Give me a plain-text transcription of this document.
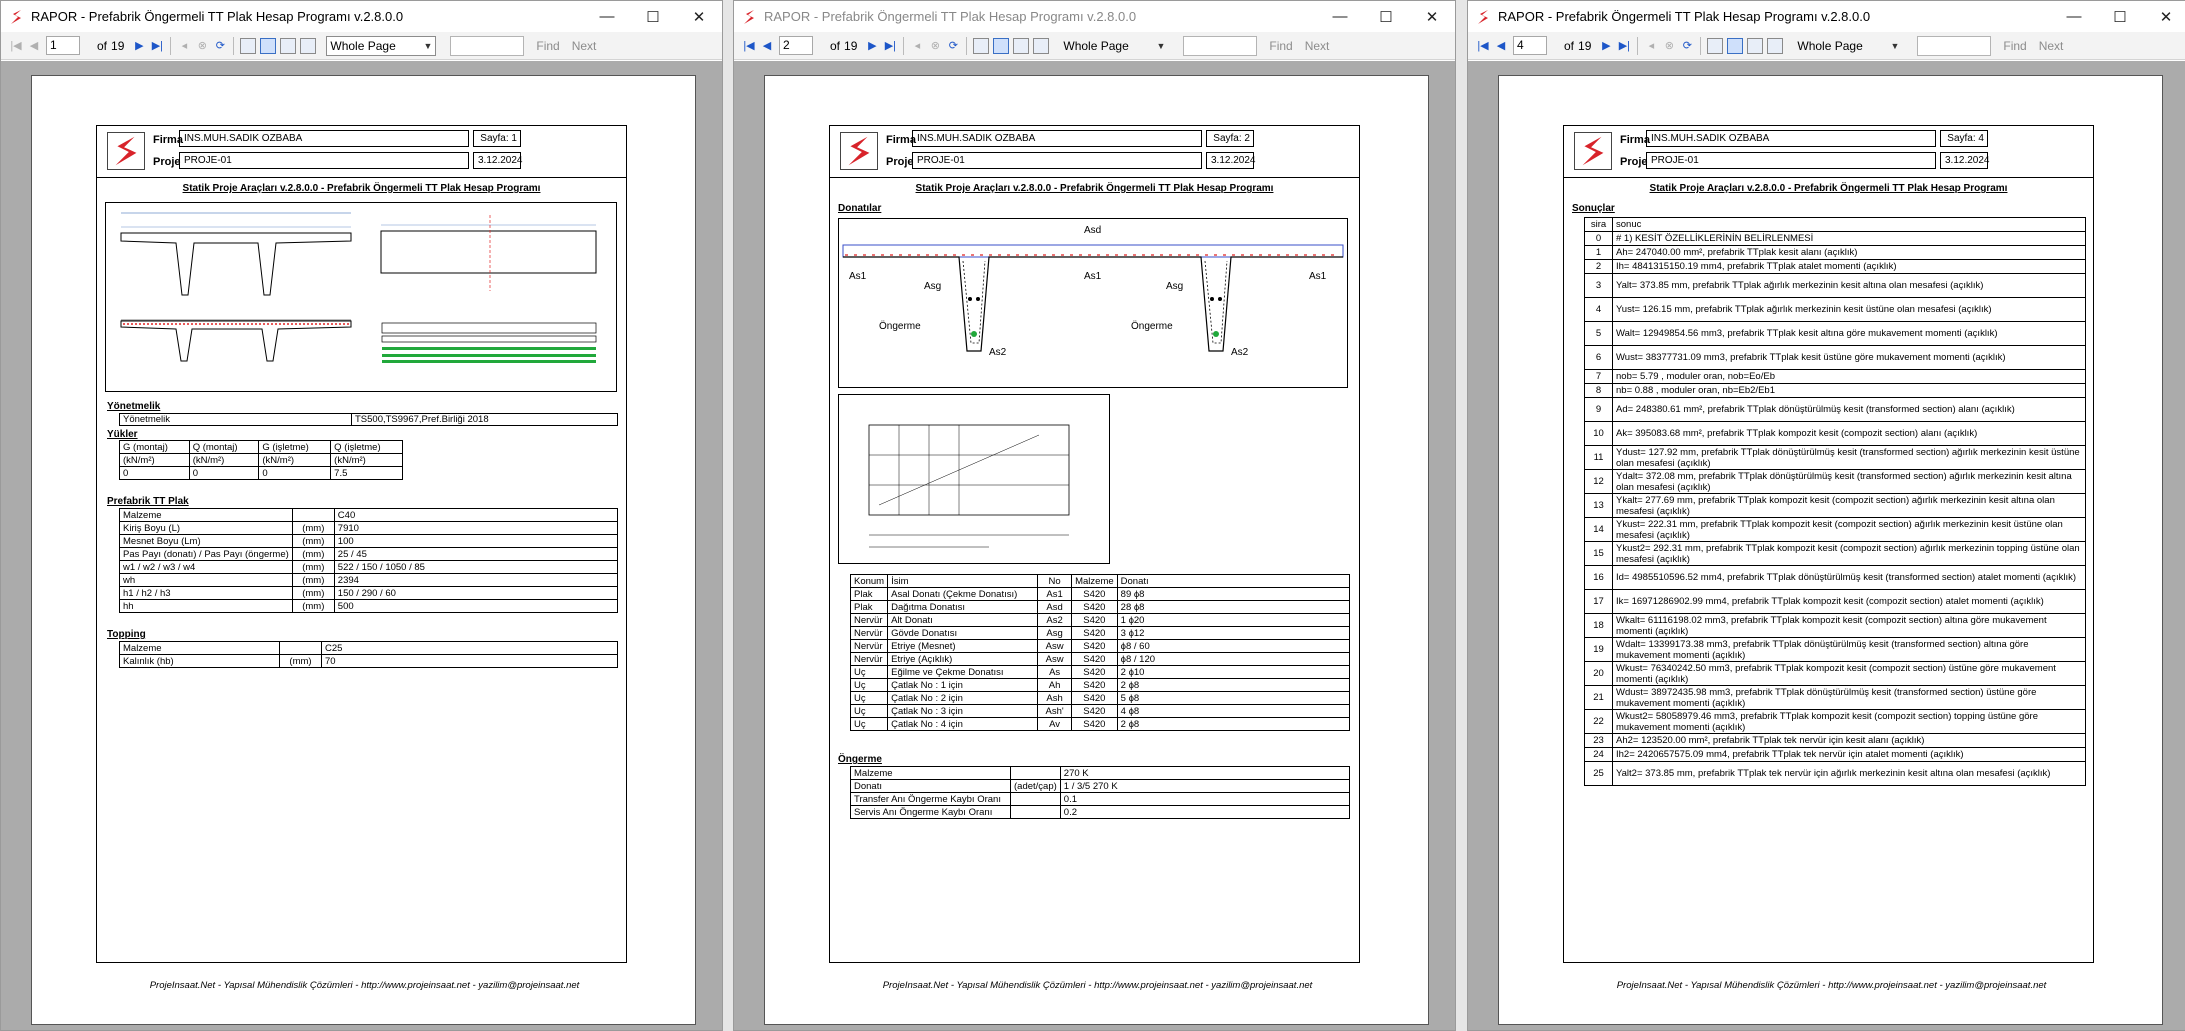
RAPOR - Prefabrik Öngermeli TT Plak Hesap Programı v.2.8.0.0	—	☐	✕
|◀ ◀ 1	of 19 ▶ ▶|	◂ ⊗ ⟳	Whole Page	▼	Find Next
Firma INS.MUH.SADIK OZBABA	Sayfa: 1
Proje PROJE-01	3.12.2024
Statik Proje Araçları v.2.8.0.0 - Prefabrik Öngermeli TT Plak Hesap Programı
Yönetmelik
Yönetmelik	TS500,TS9967,Pref.Birliği 2018
Yükler
G (montaj)	Q (montaj)	G (işletme)	Q (işletme)
(kN/m²)	(kN/m²)	(kN/m²)	(kN/m²)
0	0	0	7.5
Prefabrik TT Plak
Malzeme		C40
Kiriş Boyu (L)	(mm)	7910
Mesnet Boyu (Lm)	(mm)	100
Pas Payı (donatı) / Pas Payı (öngerme)	(mm)	25 / 45
w1 / w2 / w3 / w4	(mm)	522 / 150 / 1050 / 85
wh	(mm)	2394
h1 / h2 / h3	(mm)	150 / 290 / 60
hh	(mm)	500
Topping
Malzeme		C25
Kalınlık (hb)	(mm)	70
ProjeInsaat.Net - Yapısal Mühendislik Çözümleri - http://www.projeinsaat.net - yazilim@projeinsaat.net
RAPOR - Prefabrik Öngermeli TT Plak Hesap Programı v.2.8.0.0	—	☐	✕
|◀ ◀ 2	of 19 ▶ ▶|	◂ ⊗ ⟳	Whole Page	▼	Find Next
Firma INS.MUH.SADIK OZBABA	Sayfa: 2
Proje PROJE-01	3.12.2024
Statik Proje Araçları v.2.8.0.0 - Prefabrik Öngermeli TT Plak Hesap Programı
Donatılar
Asd
As1	As1	As1
Asg	Asg
Öngerme	Öngerme
As2	As2
Konum	İsim	No	Malzeme	Donatı
Plak	Asal Donatı (Çekme Donatısı)	As1	S420	89 ϕ8
Plak	Dağıtma Donatısı	Asd	S420	28 ϕ8
Nervür	Alt Donatı	As2	S420	1 ϕ20
Nervür	Gövde Donatısı	Asg	S420	3 ϕ12
Nervür	Etriye (Mesnet)	Asw	S420	ϕ8 / 60
Nervür	Etriye (Açıklık)	Asw	S420	ϕ8 / 120
Uç	Eğilme ve Çekme Donatısı	As	S420	2 ϕ10
Uç	Çatlak No : 1 için	Ah	S420	2 ϕ8
Uç	Çatlak No : 2 için	Ash	S420	5 ϕ8
Uç	Çatlak No : 3 için	Ash'	S420	4 ϕ8
Uç	Çatlak No : 4 için	Av	S420	2 ϕ8
Öngerme
Malzeme		270 K
Donatı	(adet/çap)	1 / 3/5 270 K
Transfer Anı Öngerme Kaybı Oranı		0.1
Servis Anı Öngerme Kaybı Oranı		0.2
ProjeInsaat.Net - Yapısal Mühendislik Çözümleri - http://www.projeinsaat.net - yazilim@projeinsaat.net
RAPOR - Prefabrik Öngermeli TT Plak Hesap Programı v.2.8.0.0	—	☐	✕
|◀ ◀ 4	of 19 ▶ ▶|	◂ ⊗ ⟳	Whole Page	▼	Find Next
Firma INS.MUH.SADIK OZBABA	Sayfa: 4
Proje PROJE-01	3.12.2024
Statik Proje Araçları v.2.8.0.0 - Prefabrik Öngermeli TT Plak Hesap Programı
Sonuçlar
sira	sonuc
0	# 1) KESİT ÖZELLİKLERİNİN BELİRLENMESİ
1	Ah= 247040.00 mm², prefabrik TTplak kesit alanı (açıklık)
2	Ih= 4841315150.19 mm4, prefabrik TTplak atalet momenti (açıklık)
3	Yalt= 373.85 mm, prefabrik TTplak ağırlık merkezinin kesit altına olan mesafesi (açıklık)
4	Yust= 126.15 mm, prefabrik TTplak ağırlık merkezinin kesit üstüne olan mesafesi (açıklık)
5	Walt= 12949854.56 mm3, prefabrik TTplak kesit altına göre mukavement momenti (açıklık)
6	Wust= 38377731.09 mm3, prefabrik TTplak kesit üstüne göre mukavement momenti (açıklık)
7	nob= 5.79 , moduler oran, nob=Eo/Eb
8	nb= 0.88 , moduler oran, nb=Eb2/Eb1
9	Ad= 248380.61 mm², prefabrik TTplak dönüştürülmüş kesit (transformed section) alanı (açıklık)
10	Ak= 395083.68 mm², prefabrik TTplak kompozit kesit (compozit section) alanı (açıklık)
11	Ydust= 127.92 mm, prefabrik TTplak dönüştürülmüş kesit (transformed section) ağırlık merkezinin kesit üstüne olan mesafesi (açıklık)
12	Ydalt= 372.08 mm, prefabrik TTplak dönüştürülmüş kesit (transformed section) ağırlık merkezinin kesit altına olan mesafesi (açıklık)
13	Ykalt= 277.69 mm, prefabrik TTplak kompozit kesit (compozit section) ağırlık merkezinin kesit altına olan mesafesi (açıklık)
14	Ykust= 222.31 mm, prefabrik TTplak kompozit kesit (compozit section) ağırlık merkezinin kesit üstüne olan mesafesi (açıklık)
15	Ykust2= 292.31 mm, prefabrik TTplak kompozit kesit (compozit section) ağırlık merkezinin topping üstüne olan mesafesi (açıklık)
16	Id= 4985510596.52 mm4, prefabrik TTplak dönüştürülmüş kesit (transformed section) atalet momenti (açıklık)
17	Ik= 16971286902.99 mm4, prefabrik TTplak kompozit kesit (compozit section) atalet momenti (açıklık)
18	Wkalt= 61116198.02 mm3, prefabrik TTplak kompozit kesit (compozit section) altına göre mukavement momenti (açıklık)
19	Wdalt= 13399173.38 mm3, prefabrik TTplak dönüştürülmüş kesit (transformed section) altına göre mukavement momenti (açıklık)
20	Wkust= 76340242.50 mm3, prefabrik TTplak kompozit kesit (compozit section) üstüne göre mukavement momenti (açıklık)
21	Wdust= 38972435.98 mm3, prefabrik TTplak dönüştürülmüş kesit (transformed section) üstüne göre mukavement momenti (açıklık)
22	Wkust2= 58058979.46 mm3, prefabrik TTplak kompozit kesit (compozit section) topping üstüne göre mukavement momenti (açıklık)
23	Ah2= 123520.00 mm², prefabrik TTplak tek nervür için kesit alanı (açıklık)
24	Ih2= 2420657575.09 mm4, prefabrik TTplak tek nervür için atalet momenti (açıklık)
25	Yalt2= 373.85 mm, prefabrik TTplak tek nervür için ağırlık merkezinin kesit altına olan mesafesi (açıklık)
ProjeInsaat.Net - Yapısal Mühendislik Çözümleri - http://www.projeinsaat.net - yazilim@projeinsaat.net
